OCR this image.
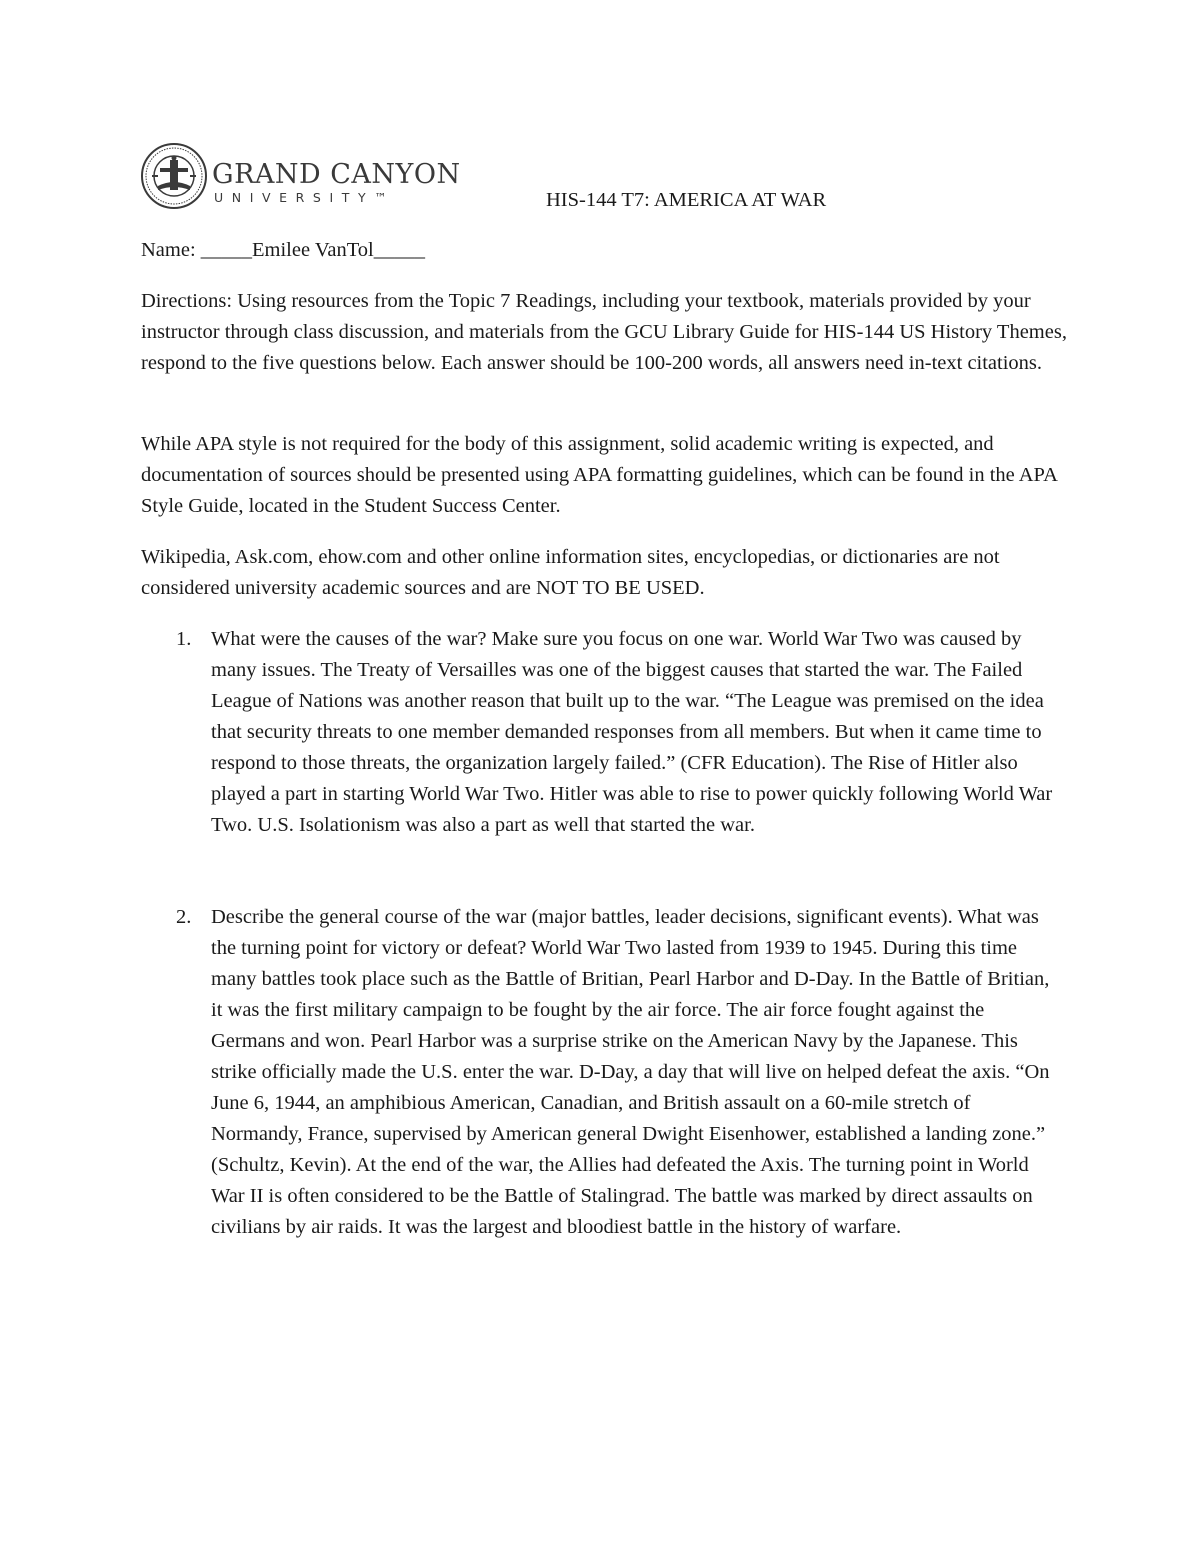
GRAND CANYON
UNIVERSITY™	HIS-144 T7: AMERICA AT WAR
Name: _____Emilee VanTol_____

Directions: Using resources from the Topic 7 Readings, including your textbook, materials provided by your instructor through class discussion, and materials from the GCU Library Guide for HIS-144 US History Themes, respond to the five questions below. Each answer should be 100-200 words, all answers need in-text citations.

While APA style is not required for the body of this assignment, solid academic writing is expected, and documentation of sources should be presented using APA formatting guidelines, which can be found in the APA Style Guide, located in the Student Success Center.

Wikipedia, Ask.com, ehow.com and other online information sites, encyclopedias, or dictionaries are not considered university academic sources and are NOT TO BE USED.

1. What were the causes of the war? Make sure you focus on one war. World War Two was caused by many issues. The Treaty of Versailles was one of the biggest causes that started the war. The Failed League of Nations was another reason that built up to the war. “The League was premised on the idea that security threats to one member demanded responses from all members. But when it came time to respond to those threats, the organization largely failed.” (CFR Education). The Rise of Hitler also played a part in starting World War Two. Hitler was able to rise to power quickly following World War Two. U.S. Isolationism was also a part as well that started the war.
2. Describe the general course of the war (major battles, leader decisions, significant events). What was the turning point for victory or defeat? World War Two lasted from 1939 to 1945. During this time many battles took place such as the Battle of Britian, Pearl Harbor and D-Day. In the Battle of Britian, it was the first military campaign to be fought by the air force. The air force fought against the Germans and won. Pearl Harbor was a surprise strike on the American Navy by the Japanese. This strike officially made the U.S. enter the war. D-Day, a day that will live on helped defeat the axis. “On June 6, 1944, an amphibious American, Canadian, and British assault on a 60-mile stretch of Normandy, France, supervised by American general Dwight Eisenhower, established a landing zone.” (Schultz, Kevin). At the end of the war, the Allies had defeated the Axis. The turning point in World War II is often considered to be the Battle of Stalingrad. The battle was marked by direct assaults on civilians by air raids. It was the largest and bloodiest battle in the history of warfare.
